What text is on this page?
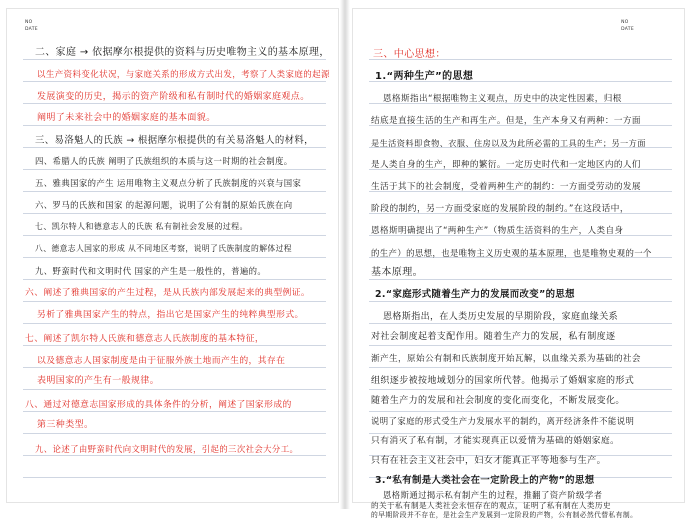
NO
DATE
二、家庭 → 依据摩尔根提供的资料与历史唯物主义的基本原理，
以生产资料变化状况，与家庭关系的形成方式出发，考察了人类家庭的起源
发展演变的历史，揭示的资产阶级和私有制时代的婚姻家庭观点。
阐明了未来社会中的婚姻家庭的基本面貌。
三、易洛魁人的氏族 → 根据摩尔根提供的有关易洛魁人的材料，
四、希腊人的氏族 阐明了氏族组织的本质与这一时期的社会制度。
五、雅典国家的产生 运用唯物主义观点分析了氏族制度的兴衰与国家
六、罗马的氏族和国家 的起源问题，说明了公有制的原始氏族在向
七、凯尔特人和德意志人的氏族 私有制社会发展的过程。
八、德意志人国家的形成 从不同地区考察，说明了氏族制度的解体过程
九、野蛮时代和文明时代 国家的产生是一般性的，普遍的。
六、阐述了雅典国家的产生过程，是从氏族内部发展起来的典型例证。
另析了雅典国家产生的特点，指出它是国家产生的纯粹典型形式。
七、阐述了凯尔特人氏族和德意志人氏族制度的基本特征，
以及德意志人国家制度是由于征服外族土地而产生的，其存在
表明国家的产生有一般规律。
八、通过对德意志国家形成的具体条件的分析，阐述了国家形成的
第三种类型。
九、论述了由野蛮时代向文明时代的发展，引起的三次社会大分工。
NO
DATE
三、中心思想：
1.“两种生产”的思想
恩格斯指出“根据唯物主义观点，历史中的决定性因素，归根
结底是直接生活的生产和再生产。但是，生产本身又有两种：一方面
是生活资料即食物、衣服、住房以及为此所必需的工具的生产；另一方面
是人类自身的生产，即种的繁衍。一定历史时代和一定地区内的人们
生活于其下的社会制度，受着两种生产的制约：一方面受劳动的发展
阶段的制约，另一方面受家庭的发展阶段的制约。”在这段话中，
恩格斯明确提出了“两种生产”（物质生活资料的生产，人类自身
的生产）的思想，也是唯物主义历史观的基本原理，也是唯物史观的一个
基本原理。
2.“家庭形式随着生产力的发展而改变”的思想
恩格斯指出，在人类历史发展的早期阶段，家庭血缘关系
对社会制度起着支配作用。随着生产力的发展，私有制度逐
渐产生，原始公有制和氏族制度开始瓦解，以血缘关系为基础的社会
组织逐步被按地域划分的国家所代替。他揭示了婚姻家庭的形式
随着生产力的发展和社会制度的变化而变化，不断发展变化。
说明了家庭的形式受生产力发展水平的制约，离开经济条件不能说明
只有消灭了私有制，才能实现真正以爱情为基础的婚姻家庭。
只有在社会主义社会中，妇女才能真正平等地参与生产。
3.“私有制是人类社会在一定阶段上的产物”的思想
恩格斯通过揭示私有制产生的过程，推翻了资产阶级学者
的关于私有制是人类社会永恒存在的观点，证明了私有制在人类历史
的早期阶段并不存在，是社会生产发展到一定阶段的产物，公有制必然代替私有制。
